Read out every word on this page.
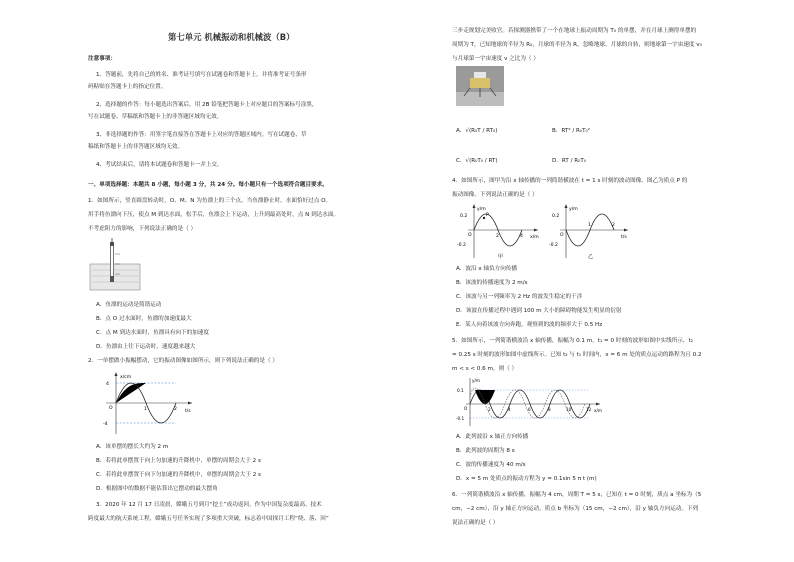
第七单元 机械振动和机械波（B）
注意事项：
1、答题前，先将自己的姓名、准考证号填写在试题卷和答题卡上，并将准考证号条形
码粘贴在答题卡上的指定位置。
2、选择题的作答：每小题选出答案后，用 2B 铅笔把答题卡上对应题目的答案标号涂黑，
写在试题卷、草稿纸和答题卡上的非答题区域均无效。
3、非选择题的作答：用签字笔直接答在答题卡上对应的答题区域内。写在试题卷、草
稿纸和答题卡上的非答题区域均无效。
4、考试结束后，请将本试题卷和答题卡一并上交。
一、单项选择题：本题共 8 小题，每小题 3 分，共 24 分。每小题只有一个选项符合题目要求。
1．如图所示，竖直圆盘转动时，O、M、N 为鱼漂上的三个点。当鱼漂静止时，水面恰好过点 O。
用手将鱼漂向下压，使点 M 到达水面，松手后，鱼漂会上下运动，上升到最高处时，点 N 到达水面。
不考虑阻力的影响，下列说法正确的是（ ）
A．鱼漂的运动是简谐运动
B．点 O 过水面时，鱼漂的加速度最大
C．点 M 到达水面时，鱼漂具有向下的加速度
D．鱼漂由上往下运动时，速度越来越大
2．一单摆做小振幅摆动，它的振动图像如图所示，则下列说法正确的是（ ）
x/cm
t/s
4
-4
O	1	2
A．该单摆的摆长大约为 2 m
B．若将此单摆置于向上匀加速的升降机中，单摆的周期会大于 2 s
C．若将此单摆置于向下匀加速的升降机中，单摆的周期会大于 2 s
D．根据图中的数据不能估算出它摆动的最大摆角
3．2020 年 12 月 17 日凌晨，嫦娥五号到月“挖土”成功返回。作为中国复杂度最高、技术
跨度最大的航天系统工程，嫦娥五号任务实现了多项重大突破，标志着中国探月工程“绕、落、回”
三步走规划完美收官。若探测器携带了一个在地球上振动周期为 T₀ 的单摆，并在月球上测得单摆的
周期为 T，已知地球的半径为 R₀，月球的半径为 R，忽略地球、月球的自转，则地球第一宇宙速度 v₀
与月球第一宇宙速度 v 之比为（ ）
A．√(R₀T / RT₀)	B．RT² / R₀T₀²
C．√(R₀T₀ / RT)	D．RT / R₀T₀
4．如图所示，图甲为沿 x 轴传播的一列简谐横波在 t = 1 s 时刻的波动图像，图乙为质点 P 的
振动图像。下列说法正确的是（ ）
y/m
x/m
0.2
-0.2
O
P
2	4
甲
y/m
t/s
0.2
-0.2
O
1	2
乙
A．波沿 x 轴负方向传播
B．该波的传播速度为 2 m/s
C．该波与另一列频率为 2 Hz 的波发生稳定的干涉
D．该波在传播过程中遇到 100 m 大小的障碍物能发生明显的衍射
E．某人向着该波方向奔跑，观察到的波的频率大于 0.5 Hz
5．如图所示，一列简谐横波沿 x 轴传播，振幅为 0.1 m，t₁ = 0 时刻的波形如图中实线所示，t₂
= 0.25 s 时刻的波形如图中虚线所示。已知 t₂ 与 t₁ 时间内，x = 6 m 处的质点运动的路程为且 0.2
m < s < 0.6 m，则（ ）
y/m
x/m
0.1
-0.1
O	2	4	6	8	10	12
A．此列波沿 x 轴正方向传播
B．此列波的周期为 8 s
C．波的传播速度为 40 m/s
D．x = 5 m 处质点的振动方程为 y = 0.1sin 5 π t (m)
6．一列简谐横波沿 x 轴传播，振幅为 4 cm，周期 T = 5 s，已知在 t = 0 时刻，质点 a 坐标为（5
cm，−2 cm），沿 y 轴正方向运动，质点 b 坐标为（15 cm，−2 cm），沿 y 轴负方向运动。下列
说法正确的是（ ）
